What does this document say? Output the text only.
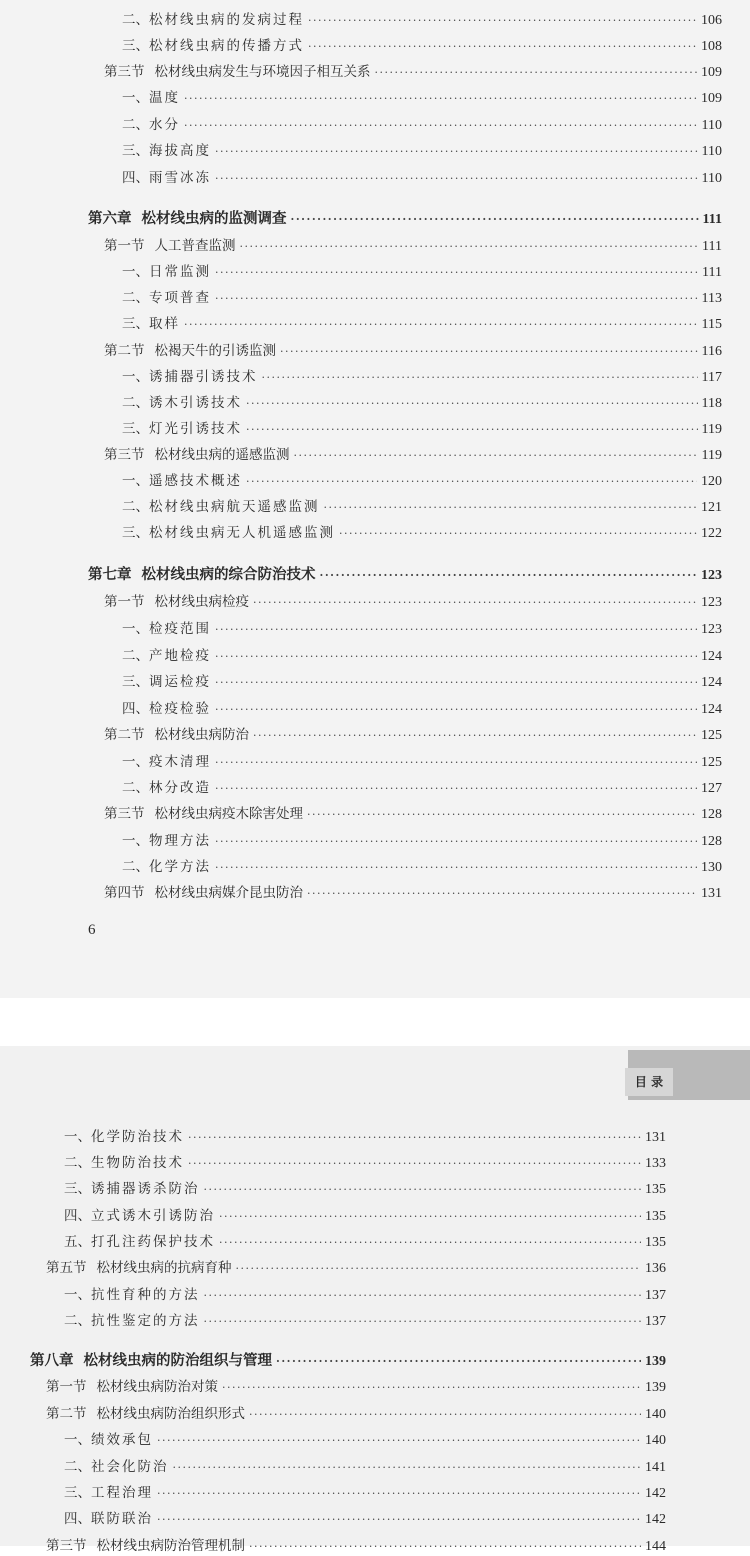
6
目 录
二、 松材线虫病的发病过程 ·····	106
三、 松材线虫病的传播方式 ·····	108
第三节 松材线虫病发生与环境因子相互关系 ·····	109
一、 温度 ·····	109
二、 水分 ·····	110
三、 海拔高度 ·····	110
四、 雨雪冰冻 ·····	110
第六章 松材线虫病的监测调查 ·····	111
第一节 人工普查监测 ·····	111
一、 日常监测 ·····	111
二、 专项普查 ·····	113
三、 取样 ·····	115
第二节 松褐天牛的引诱监测 ·····	116
一、 诱捕器引诱技术 ·····	117
二、 诱木引诱技术 ·····	118
三、 灯光引诱技术 ·····	119
第三节 松材线虫病的遥感监测 ·····	119
一、 遥感技术概述 ·····	120
二、 松材线虫病航天遥感监测 ·····	121
三、 松材线虫病无人机遥感监测 ·····	122
第七章 松材线虫病的综合防治技术 ·····	123
第一节 松材线虫病检疫 ·····	123
一、 检疫范围 ·····	123
二、 产地检疫 ·····	124
三、 调运检疫 ·····	124
四、 检疫检验 ·····	124
第二节 松材线虫病防治 ·····	125
一、 疫木清理 ·····	125
二、 林分改造 ·····	127
第三节 松材线虫病疫木除害处理 ·····	128
一、 物理方法 ·····	128
二、 化学方法 ·····	130
第四节 松材线虫病媒介昆虫防治 ·····	131
一、 化学防治技术 ·····	131
二、 生物防治技术 ·····	133
三、 诱捕器诱杀防治 ·····	135
四、 立式诱木引诱防治 ·····	135
五、 打孔注药保护技术 ·····	135
第五节 松材线虫病的抗病育种 ·····	136
一、 抗性育种的方法 ·····	137
二、 抗性鉴定的方法 ·····	137
第八章 松材线虫病的防治组织与管理 ·····	139
第一节 松材线虫病防治对策 ·····	139
第二节 松材线虫病防治组织形式 ·····	140
一、 绩效承包 ·····	140
二、 社会化防治 ·····	141
三、 工程治理 ·····	142
四、 联防联治 ·····	142
第三节 松材线虫病防治管理机制 ·····	144
